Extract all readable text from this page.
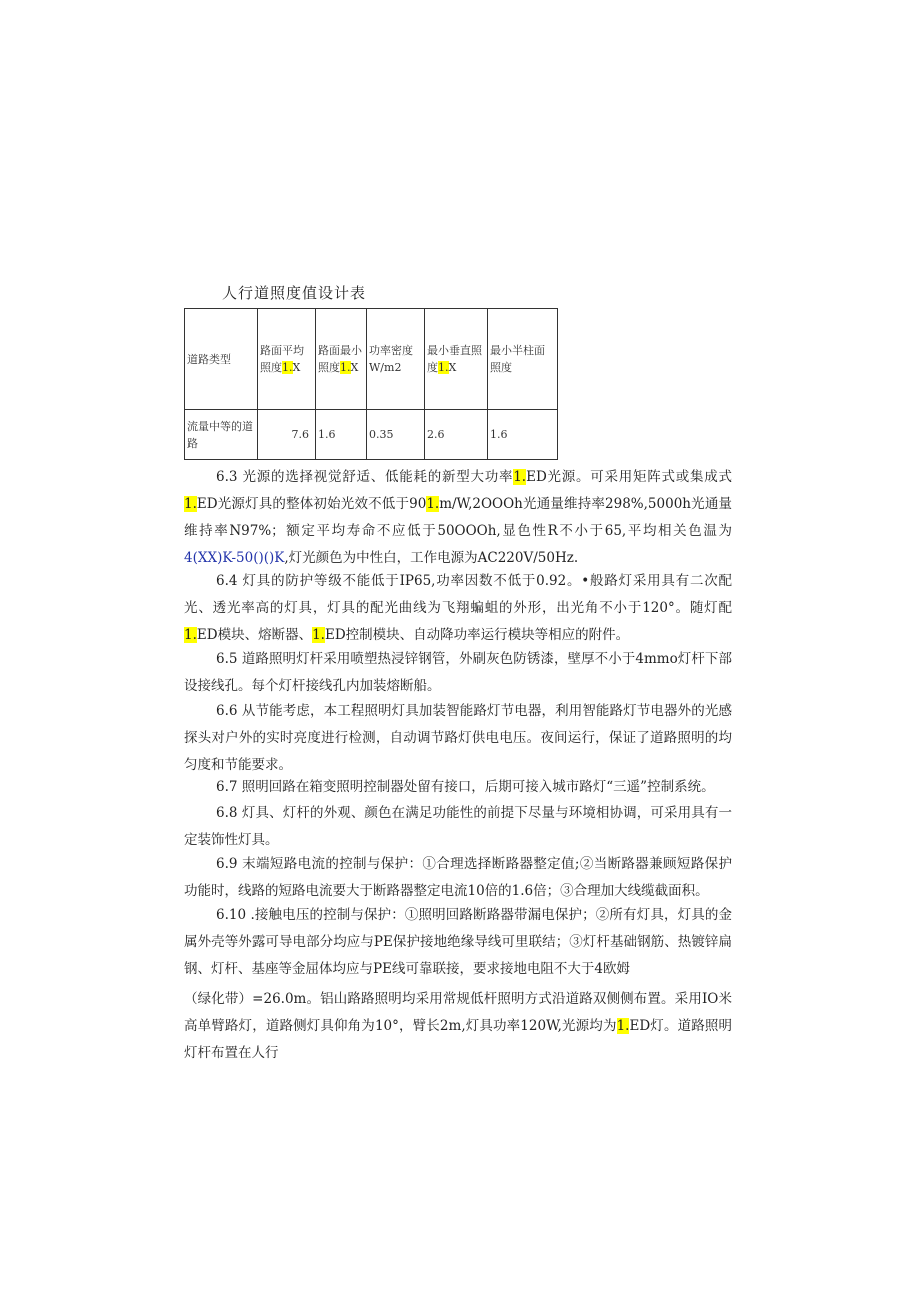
人行道照度值设计表
道路类型	路面平均照度1.X	路面最小照度1.X	功率密度W/m2	最小垂直照度1.X	最小半柱面照度
流量中等的道路	7.6	1.6	0.35	2.6	1.6

6.3 光源的选择视觉舒适、低能耗的新型大功率1.ED光源。可采用矩阵式或集成式1.ED光源灯具的整体初始光效不低于901.m/W,2OOOh光通量维持率298%,5000h光通量维持率N97%；额定平均寿命不应低于50OOOh,显色性R不小于65,平均相关色温为4(XX)K-50()()K,灯光颜色为中性白，工作电源为AC220V/50Hz.

6.4 灯具的防护等级不能低于IP65,功率因数不低于0.92。•般路灯采用具有二次配光、透光率高的灯具，灯具的配光曲线为飞翔蝙蛆的外形，出光角不小于120°。随灯配1.ED模块、熔断器、1.ED控制模块、自动降功率运行模块等相应的附件。

6.5 道路照明灯杆采用喷塑热浸锌钢管，外刷灰色防锈漆，壁厚不小于4mmo灯杆下部设接线孔。每个灯杆接线孔内加装熔断船。

6.6 从节能考虑，本工程照明灯具加装智能路灯节电器，利用智能路灯节电器外的光感探头对户外的实时亮度进行检测，自动调节路灯供电电压。夜间运行，保证了道路照明的均匀度和节能要求。

6.7 照明回路在箱变照明控制器处留有接口，后期可接入城市路灯“三遥”控制系统。

6.8 灯具、灯杆的外观、颜色在满足功能性的前提下尽量与环境相协调，可采用具有一定装饰性灯具。

6.9 末端短路电流的控制与保护：①合理选择断路器整定值;②当断路器兼顾短路保护功能时，线路的短路电流要大于断路器整定电流10倍的1.6倍；③合理加大线缆截面积。

6.10 .接触电压的控制与保护：①照明回路断路器带漏电保护；②所有灯具，灯具的金属外壳等外露可导电部分均应与PE保护接地绝缘导线可里联结；③灯杆基础钢筋、热镀锌扁钢、灯杆、基座等金屈体均应与PE线可靠联接，要求接地电阻不大于4欧姆

（绿化带）=26.0m。铝山路路照明均采用常规低杆照明方式沿道路双侧侧布置。采用IO米高单臂路灯，道路侧灯具仰角为10°，臂长2m,灯具功率120W,光源均为1.ED灯。道路照明灯杆布置在人行
